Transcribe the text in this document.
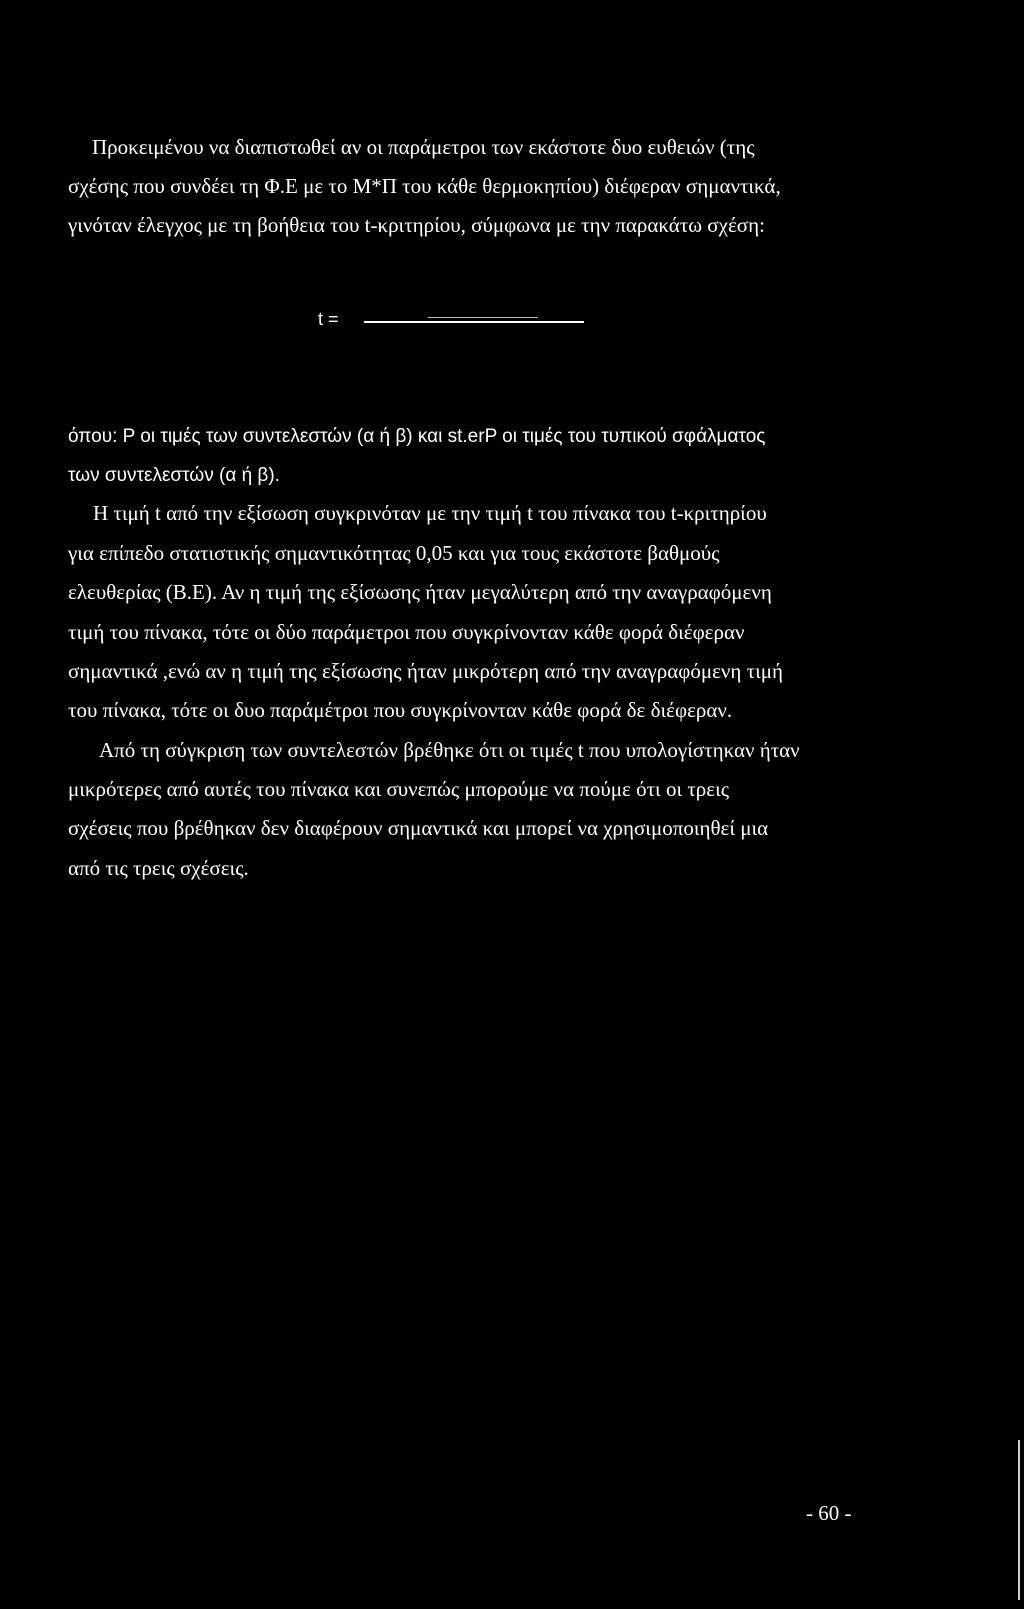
Προκειμένου να διαπιστωθεί αν οι παράμετροι των εκάστοτε δυο ευθειών (της
σχέσης που συνδέει τη Φ.Ε με το Μ*Π του κάθε θερμοκηπίου) διέφεραν σημαντικά,
γινόταν έλεγχος με τη βοήθεια του t-κριτηρίου, σύμφωνα με την παρακάτω σχέση:
t =
όπου: P οι τιμές των συντελεστών (α ή β) και st.erP οι τιμές του τυπικού σφάλματος
των συντελεστών (α ή β).
Η τιμή t από την εξίσωση συγκρινόταν με την τιμή t του πίνακα του t-κριτηρίου
για επίπεδο στατιστικής σημαντικότητας 0,05 και για τους εκάστοτε βαθμούς
ελευθερίας (Β.Ε). Αν η τιμή της εξίσωσης ήταν μεγαλύτερη από την αναγραφόμενη
τιμή του πίνακα, τότε οι δύο παράμετροι που συγκρίνονταν κάθε φορά διέφεραν
σημαντικά ,ενώ αν η τιμή της εξίσωσης ήταν μικρότερη από την αναγραφόμενη τιμή
του πίνακα, τότε οι δυο παράμέτροι που συγκρίνονταν κάθε φορά δε διέφεραν.
Από τη σύγκριση των συντελεστών βρέθηκε ότι οι τιμές t που υπολογίστηκαν ήταν
μικρότερες από αυτές του πίνακα και συνεπώς μπορούμε να πούμε ότι οι τρεις
σχέσεις που βρέθηκαν δεν διαφέρουν σημαντικά και μπορεί να χρησιμοποιηθεί μια
από τις τρεις σχέσεις.
- 60 -
